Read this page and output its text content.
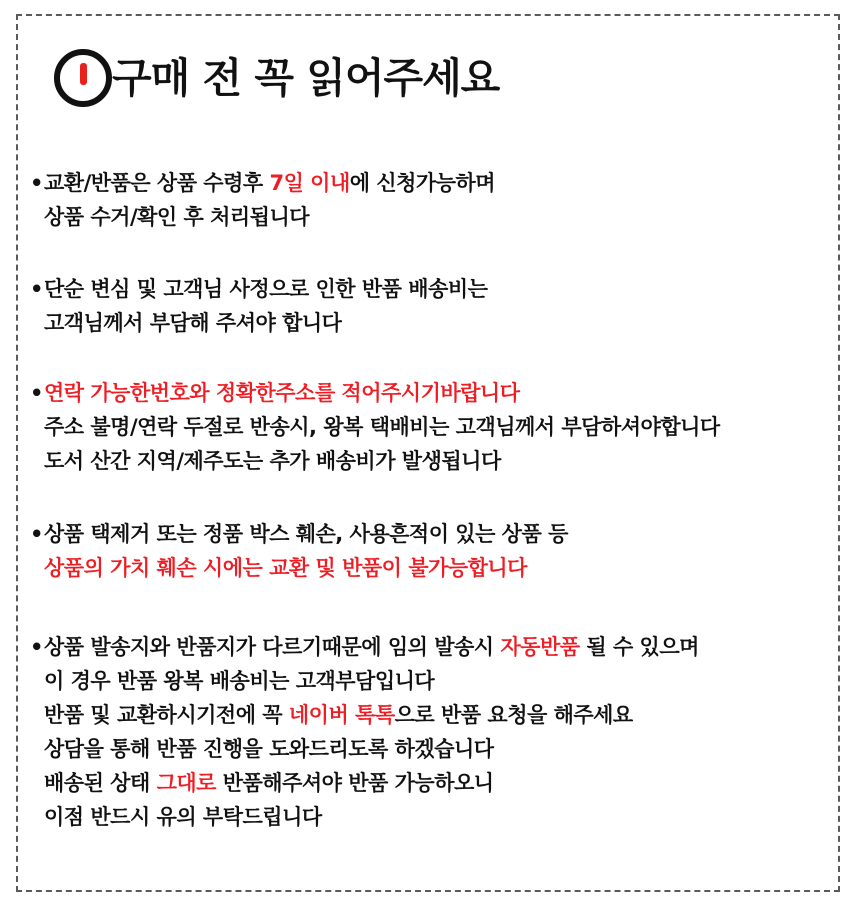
구매 전 꼭 읽어주세요
•교환/반품은 상품 수령후 7일 이내에 신청가능하며
상품 수거/확인 후 처리됩니다
•단순 변심 및 고객님 사정으로 인한 반품 배송비는
고객님께서 부담해 주셔야 합니다
•연락 가능한번호와 정확한주소를 적어주시기바랍니다
주소 불명/연락 두절로 반송시, 왕복 택배비는 고객님께서 부담하셔야합니다
도서 산간 지역/제주도는 추가 배송비가 발생됩니다
•상품 택제거 또는 정품 박스 훼손, 사용흔적이 있는 상품 등
상품의 가치 훼손 시에는 교환 및 반품이 불가능합니다
•상품 발송지와 반품지가 다르기때문에 임의 발송시 자동반품 될 수 있으며
이 경우 반품 왕복 배송비는 고객부담입니다
반품 및 교환하시기전에 꼭 네이버 톡톡으로 반품 요청을 해주세요
상담을 통해 반품 진행을 도와드리도록 하겠습니다
배송된 상태 그대로 반품해주셔야 반품 가능하오니
이점 반드시 유의 부탁드립니다
